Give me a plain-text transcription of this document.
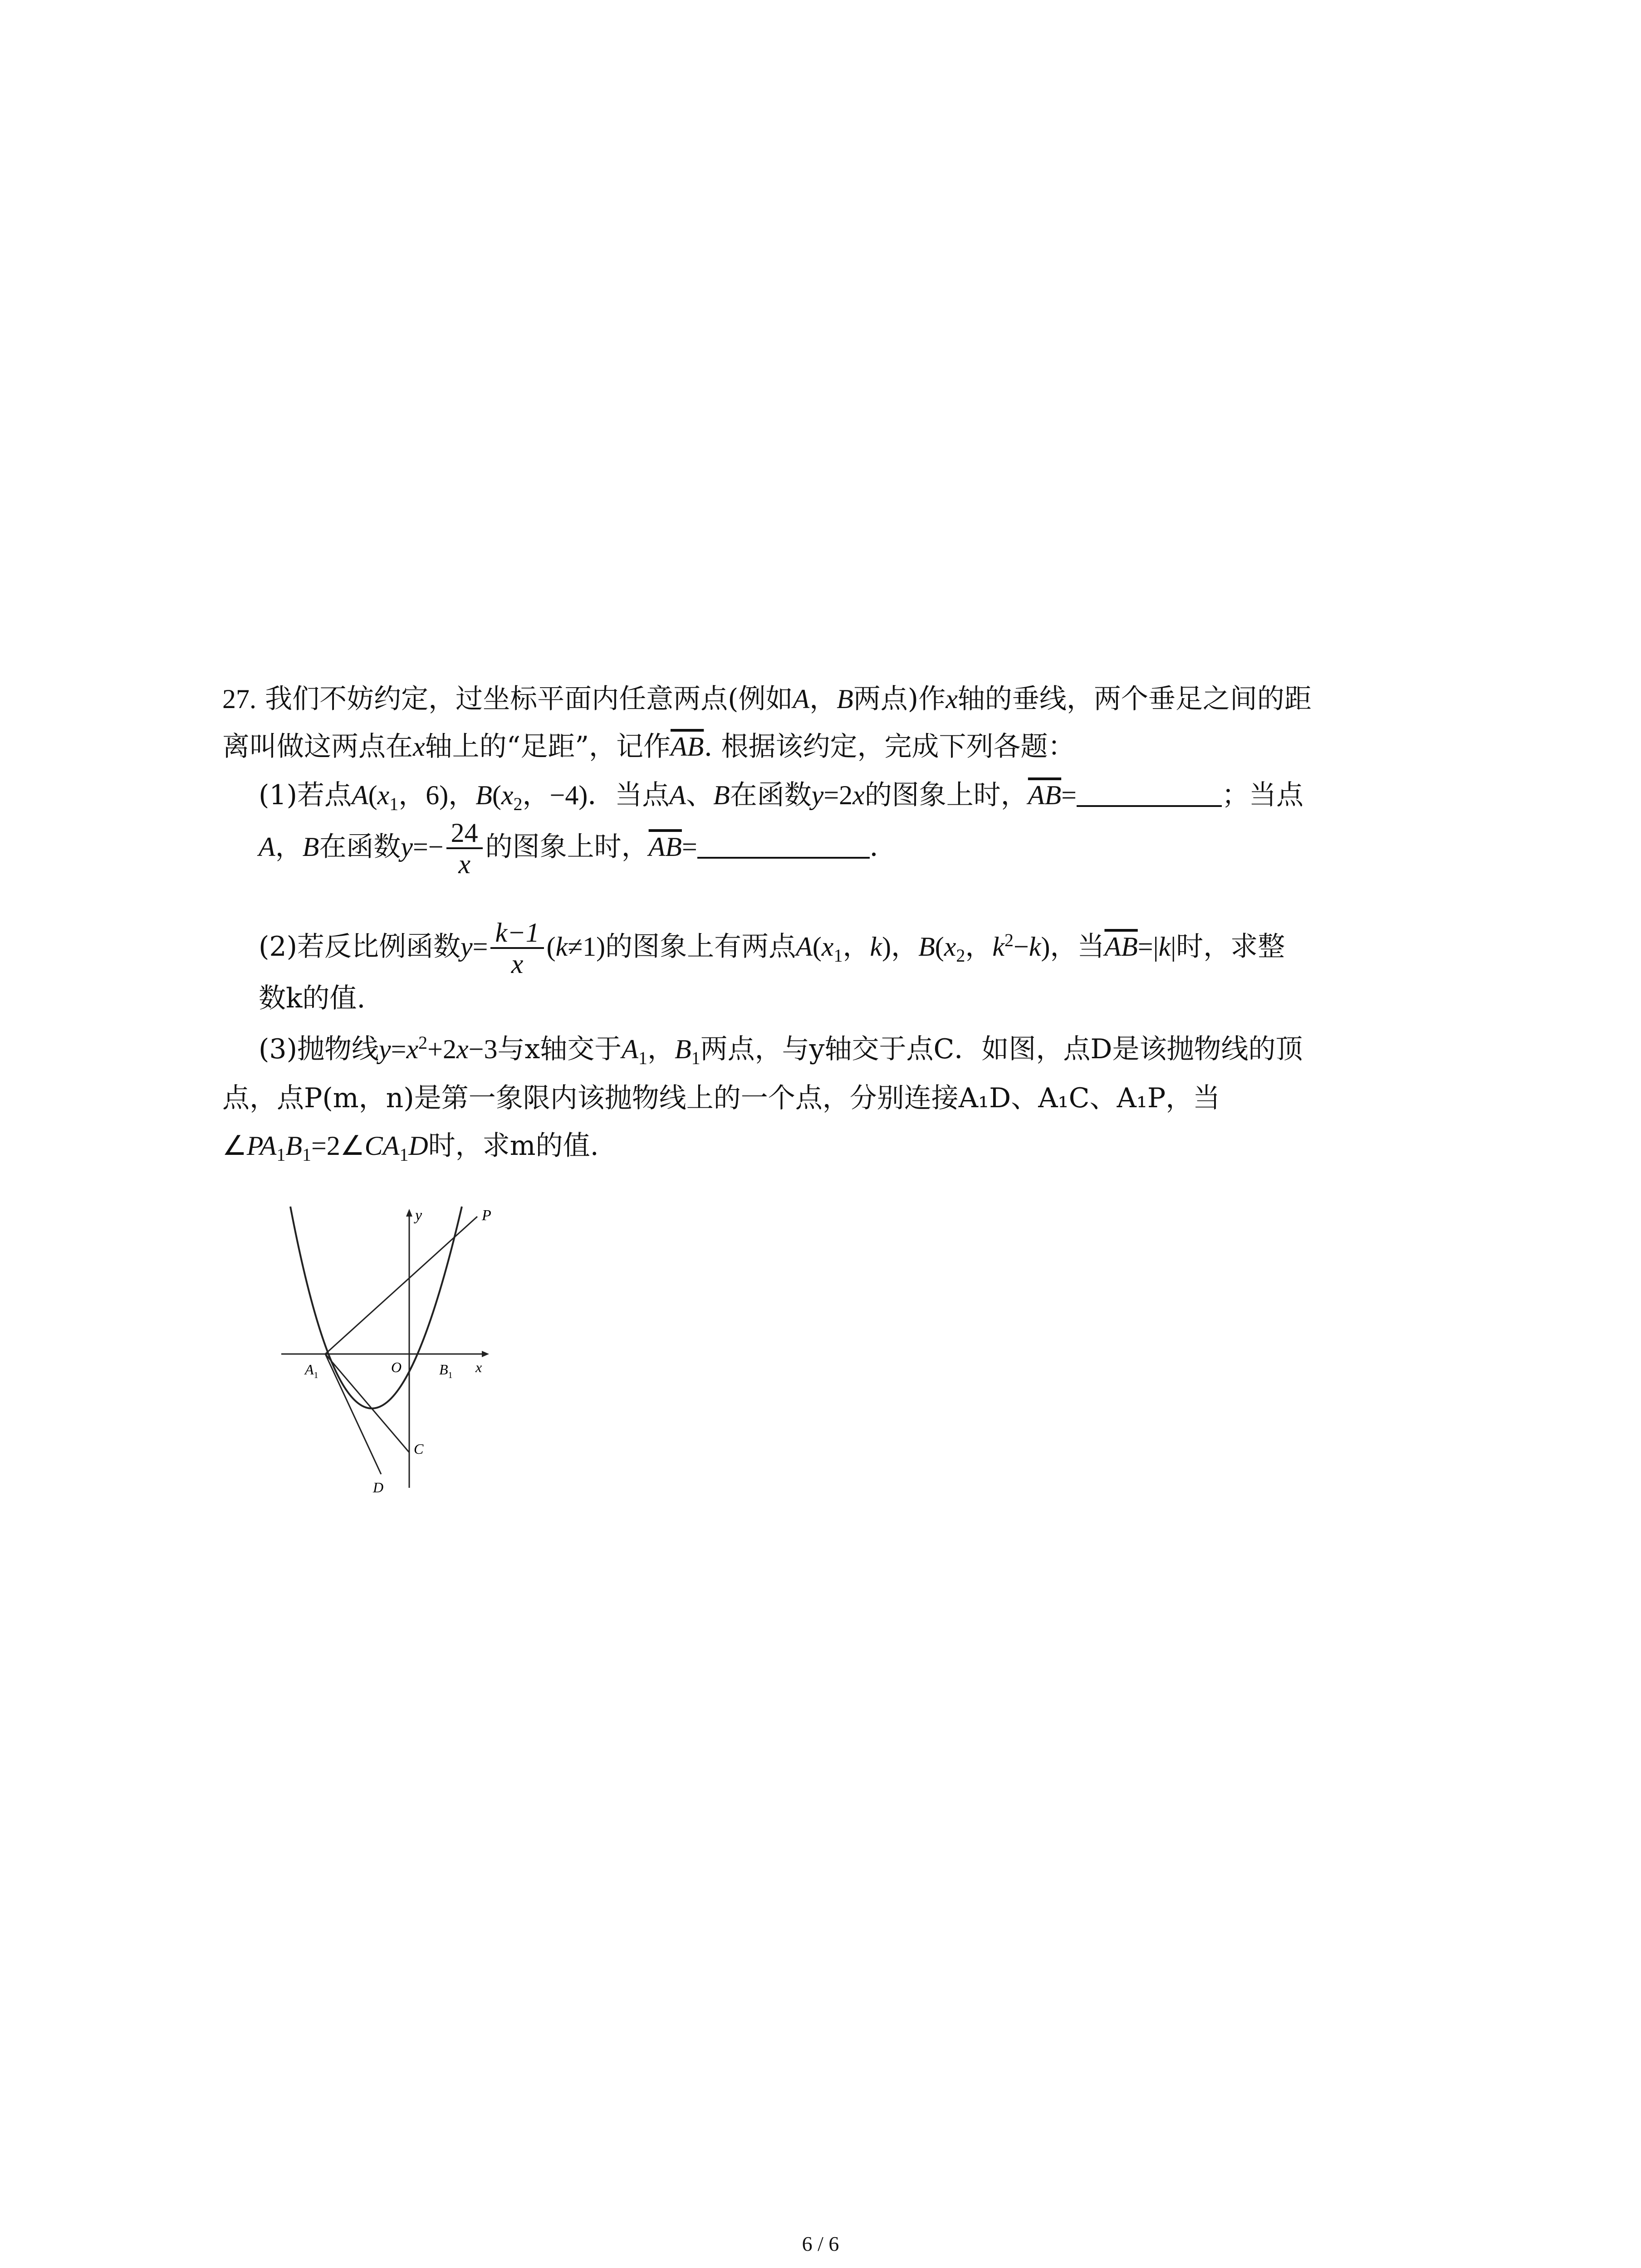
27. 我们不妨约定，过坐标平面内任意两点(例如A，B两点)作x轴的垂线，两个垂足之间的距
离叫做这两点在x轴上的“足距”，记作$\overline{AB}$. 根据该约定，完成下列各题：
(1)若点$A(x_1$，6)，$B(x_2$，−4)．当点A、B在函数y=2x的图象上时，$\overline{AB}=$	；当点
A，B在函数$y=- \frac{24}{x}$ 的图象上时，$\overline{AB}=$	．
(2)若反比例函数$y= \frac{k-1}{x} (k\ne 1)$的图象上有两点$A(x_1$，k)，$B(x_2$，$k^2-k$)，当$\overline{AB}=|k|$时，求整
数k的值.
(3)抛物线$y=x^2+2x-3$与x轴交于$A_1$，$B_1$两点，与y轴交于点C．如图，点D是该抛物线的顶
点，点P(m，n)是第一象限内该抛物线上的一个点，分别连接A₁D、A₁C、A₁P，当
$\angle PA_1B_1=2\angle CA_1D$时，求m的值.
y	P
O	x
$A_1$	$B_1$
C
D
6 / 6
